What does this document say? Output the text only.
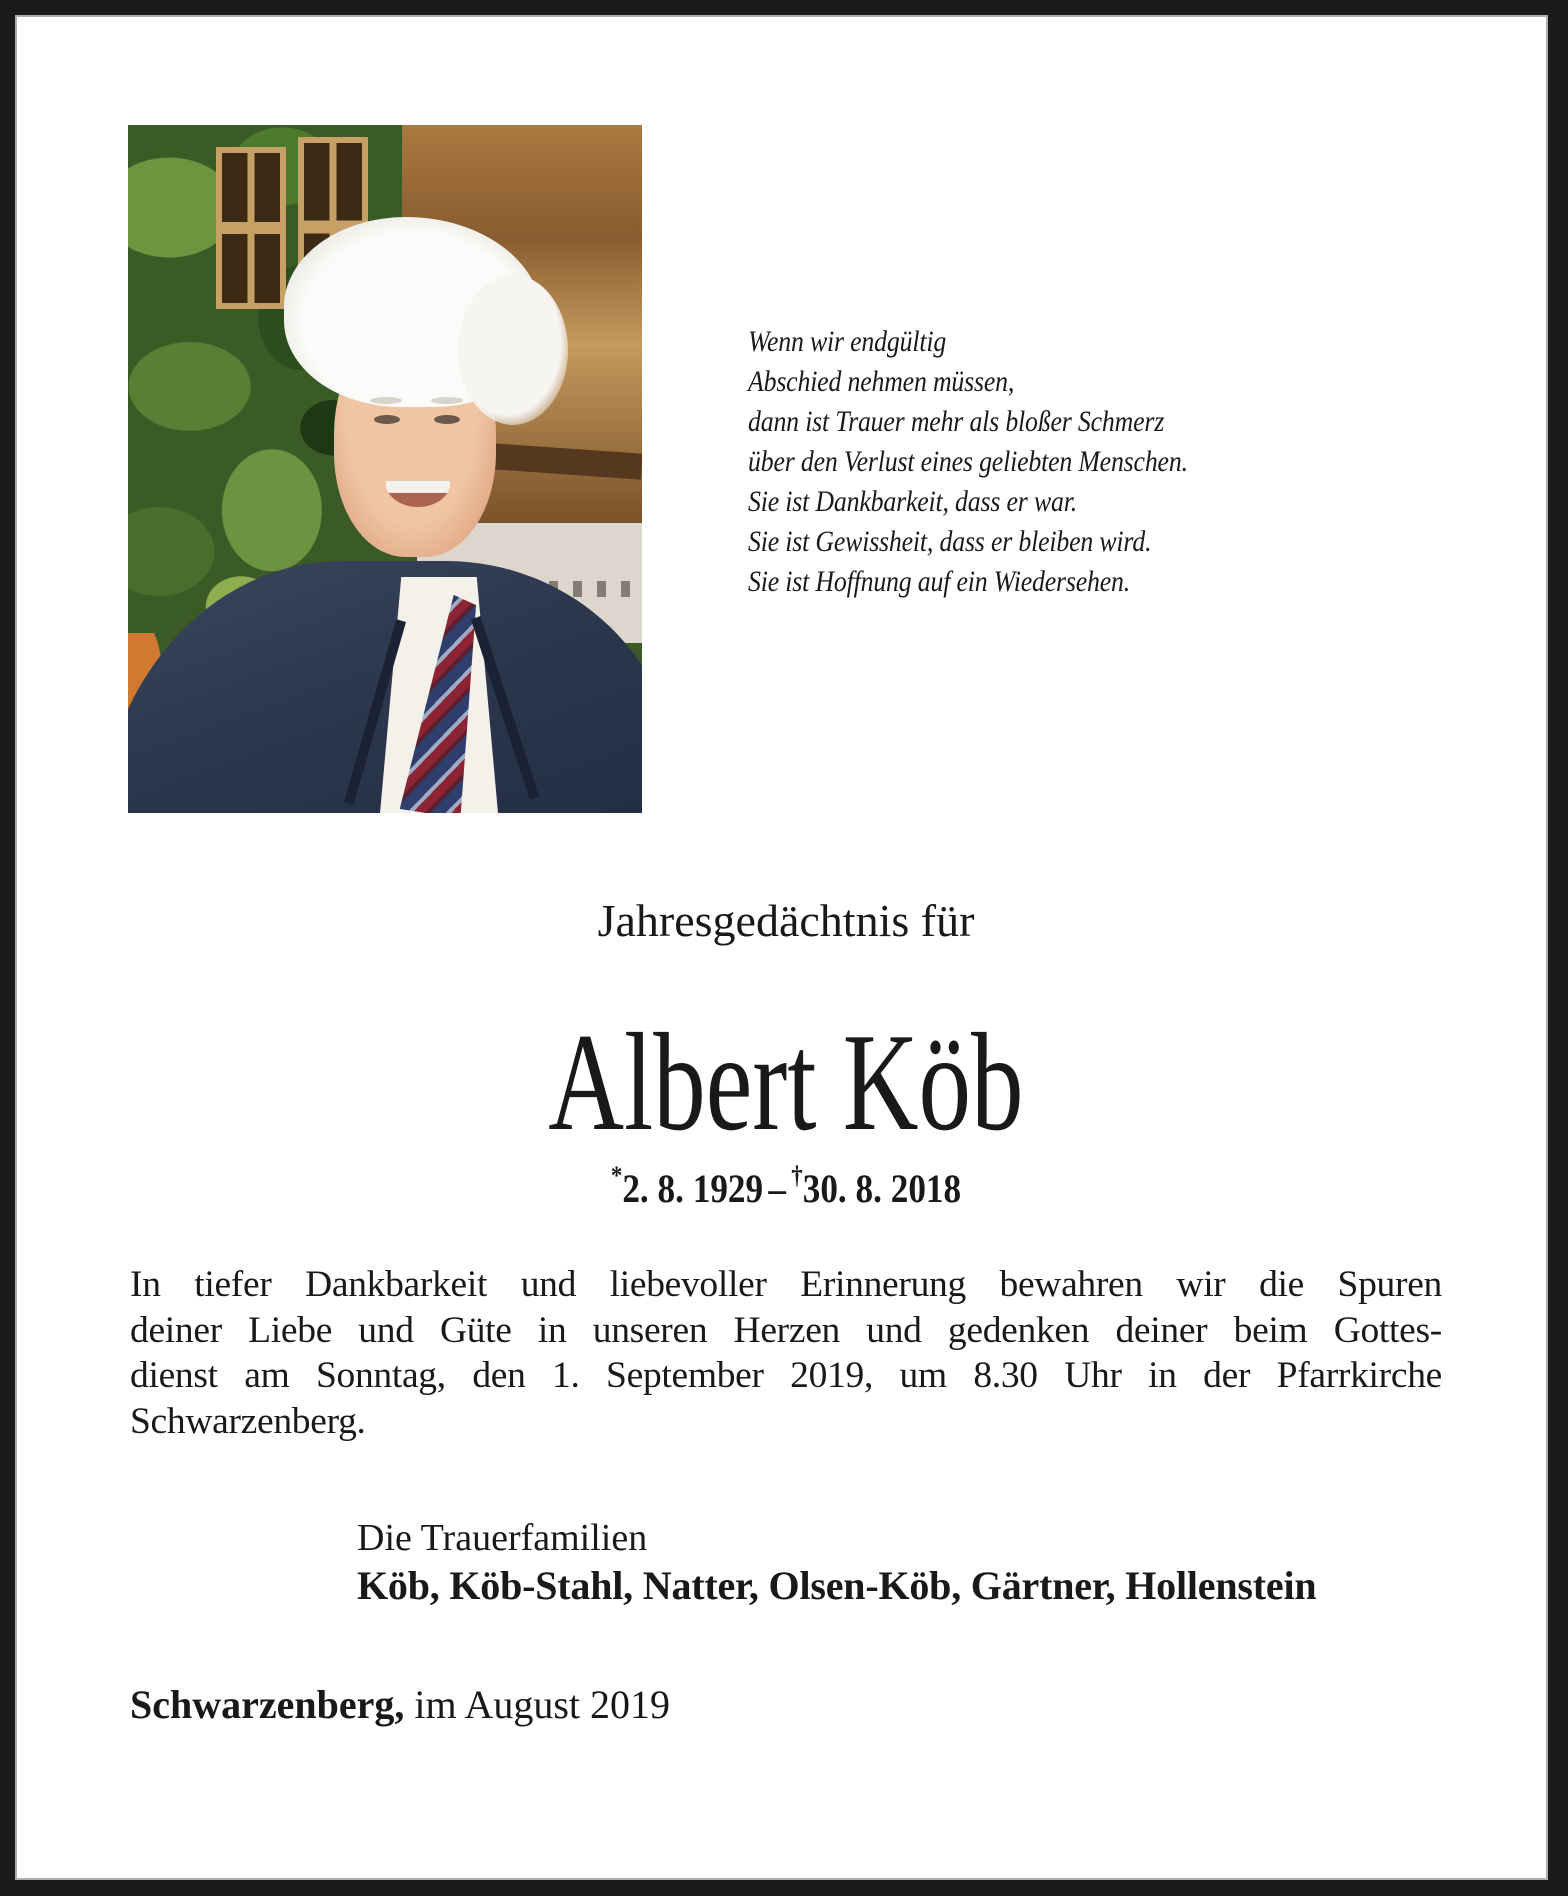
Wenn wir endgültig
Abschied nehmen müssen,
dann ist Trauer mehr als bloßer Schmerz
über den Verlust eines geliebten Menschen.
Sie ist Dankbarkeit, dass er war.
Sie ist Gewissheit, dass er bleiben wird.
Sie ist Hoffnung auf ein Wiedersehen.
Jahresgedächtnis für
Albert Köb
*2. 8. 1929 – †30. 8. 2018
In tiefer Dankbarkeit und liebevoller Erinnerung bewahren wir die Spuren
deiner Liebe und Güte in unseren Herzen und gedenken deiner beim Gottes-
dienst am Sonntag, den 1. September 2019, um 8.30 Uhr in der Pfarrkirche
Schwarzenberg.
Die Trauerfamilien
Köb, Köb-Stahl, Natter, Olsen-Köb, Gärtner, Hollenstein
Schwarzenberg, im August 2019
